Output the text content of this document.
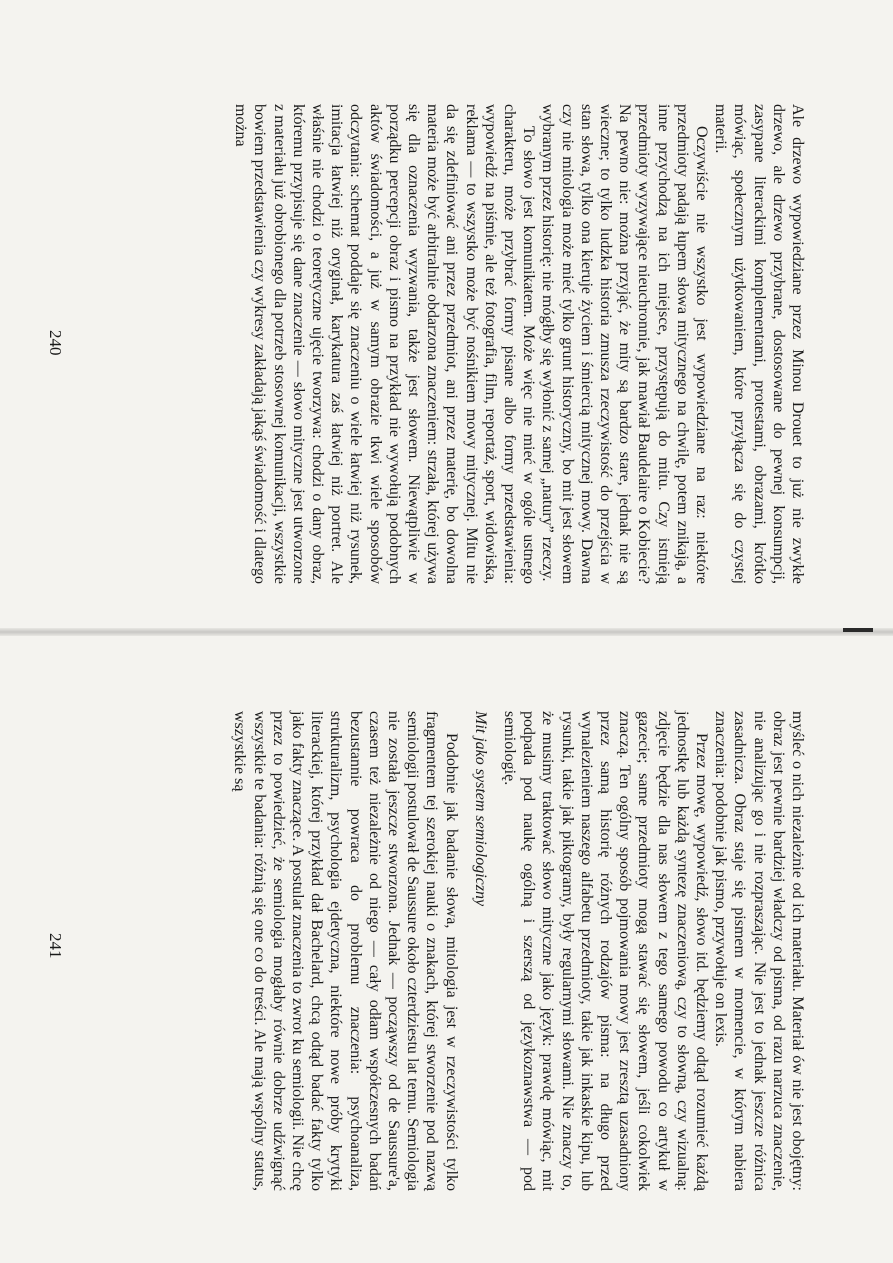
Ale drzewo wypowiedziane przez Minou Drouet to już nie zwykłe drzewo, ale drzewo przybrane, dostosowane do pewnej konsumpcji, zasypane literackimi komplementami, protestami, obrazami, krótko mówiąc, społecznym użytkowaniem, które przyłącza się do czystej materii.

Oczywiście nie wszystko jest wypowiedziane na raz: niektóre przedmioty padają łupem słowa mitycznego na chwilę, potem znikają, a inne przychodzą na ich miejsce, przystępują do mitu. Czy istnieją przedmioty wyzywające nieuchronnie, jak mawiał Baudelaire o Kobiecie? Na pewno nie: można przyjąć, że mity są bardzo stare, jednak nie są wieczne; to tylko ludzka historia zmusza rzeczywistość do przejścia w stan słowa, tylko ona kieruje życiem i śmiercią mitycznej mowy. Dawna czy nie mitologia może mieć tylko grunt historyczny, bo mit jest słowem wybranym przez historię: nie mógłby się wyłonić z samej „natury” rzeczy.

To słowo jest komunikatem. Może więc nie mieć w ogóle ustnego charakteru, może przybrać formy pisane albo formy przedstawienia: wypowiedź na piśmie, ale też fotografia, film, reportaż, sport, widowiska, reklama — to wszystko może być nośnikiem mowy mitycznej. Mitu nie da się zdefiniować ani przez przedmiot, ani przez materię, bo dowolna materia może być arbitralnie obdarzona znaczeniem: strzała, której używa się dla oznaczenia wyzwania, także jest słowem. Niewątpliwie w porządku percepcji obraz i pismo na przykład nie wywołują podobnych aktów świadomości, a już w samym obrazie tkwi wiele sposobów odczytania: schemat poddaje się znaczeniu o wiele łatwiej niż rysunek, imitacja łatwiej niż oryginał, karykatura zaś łatwiej niż portret. Ale właśnie nie chodzi o teoretyczne ujęcie tworzywa: chodzi o dany obraz, któremu przypisuje się dane znaczenie — słowo mityczne jest utworzone z materiału już obrobionego dla potrzeb stosownej komunikacji, wszystkie bowiem przedstawienia czy wykresy zakładają jakąś świadomość i dlatego można

240

myśleć o nich niezależnie od ich materiału. Materiał ów nie jest obojętny: obraz jest pewnie bardziej władczy od pisma, od razu narzuca znaczenie, nie analizując go i nie rozpraszając. Nie jest to jednak jeszcze różnica zasadnicza. Obraz staje się pismem w momencie, w którym nabiera znaczenia: podobnie jak pismo, przywołuje on lexis.

Przez mowę, wypowiedź, słowo itd. będziemy odtąd rozumieć każdą jednostkę lub każdą syntezę znaczeniową, czy to słowną, czy wizualną: zdjęcie będzie dla nas słowem z tego samego powodu co artykuł w gazecie; same przedmioty mogą stawać się słowem, jeśli cokolwiek znaczą. Ten ogólny sposób pojmowania mowy jest zresztą uzasadniony przez samą historię różnych rodzajów pisma: na długo przed wynalezieniem naszego alfabetu przedmioty, takie jak inkaskie kipu, lub rysunki, takie jak piktogramy, były regularnymi słowami. Nie znaczy to, że musimy traktować słowo mityczne jako język: prawdę mówiąc, mit podpada pod naukę ogólną i szerszą od językoznawstwa — pod semiologię.

Mit jako system semiologiczny

Podobnie jak badanie słowa, mitologia jest w rzeczywistości tylko fragmentem tej szerokiej nauki o znakach, której stworzenie pod nazwą semiologii postulował de Saussure około czterdziestu lat temu. Semiologia nie została jeszcze stworzona. Jednak — począwszy od de Saussure'a, czasem też niezależnie od niego — cały odłam współczesnych badań bezustannie powraca do problemu znaczenia: psychoanaliza, strukturalizm, psychologia ejdetyczna, niektóre nowe próby krytyki literackiej, której przykład dał Bachelard, chcą odtąd badać fakty tylko jako fakty znaczące. A postulat znaczenia to zwrot ku semiologii. Nie chcę przez to powiedzieć, że semiologia mogłaby równie dobrze udźwignąć wszystkie te badania: różnią się one co do treści. Ale mają wspólny status, wszystkie są

241
